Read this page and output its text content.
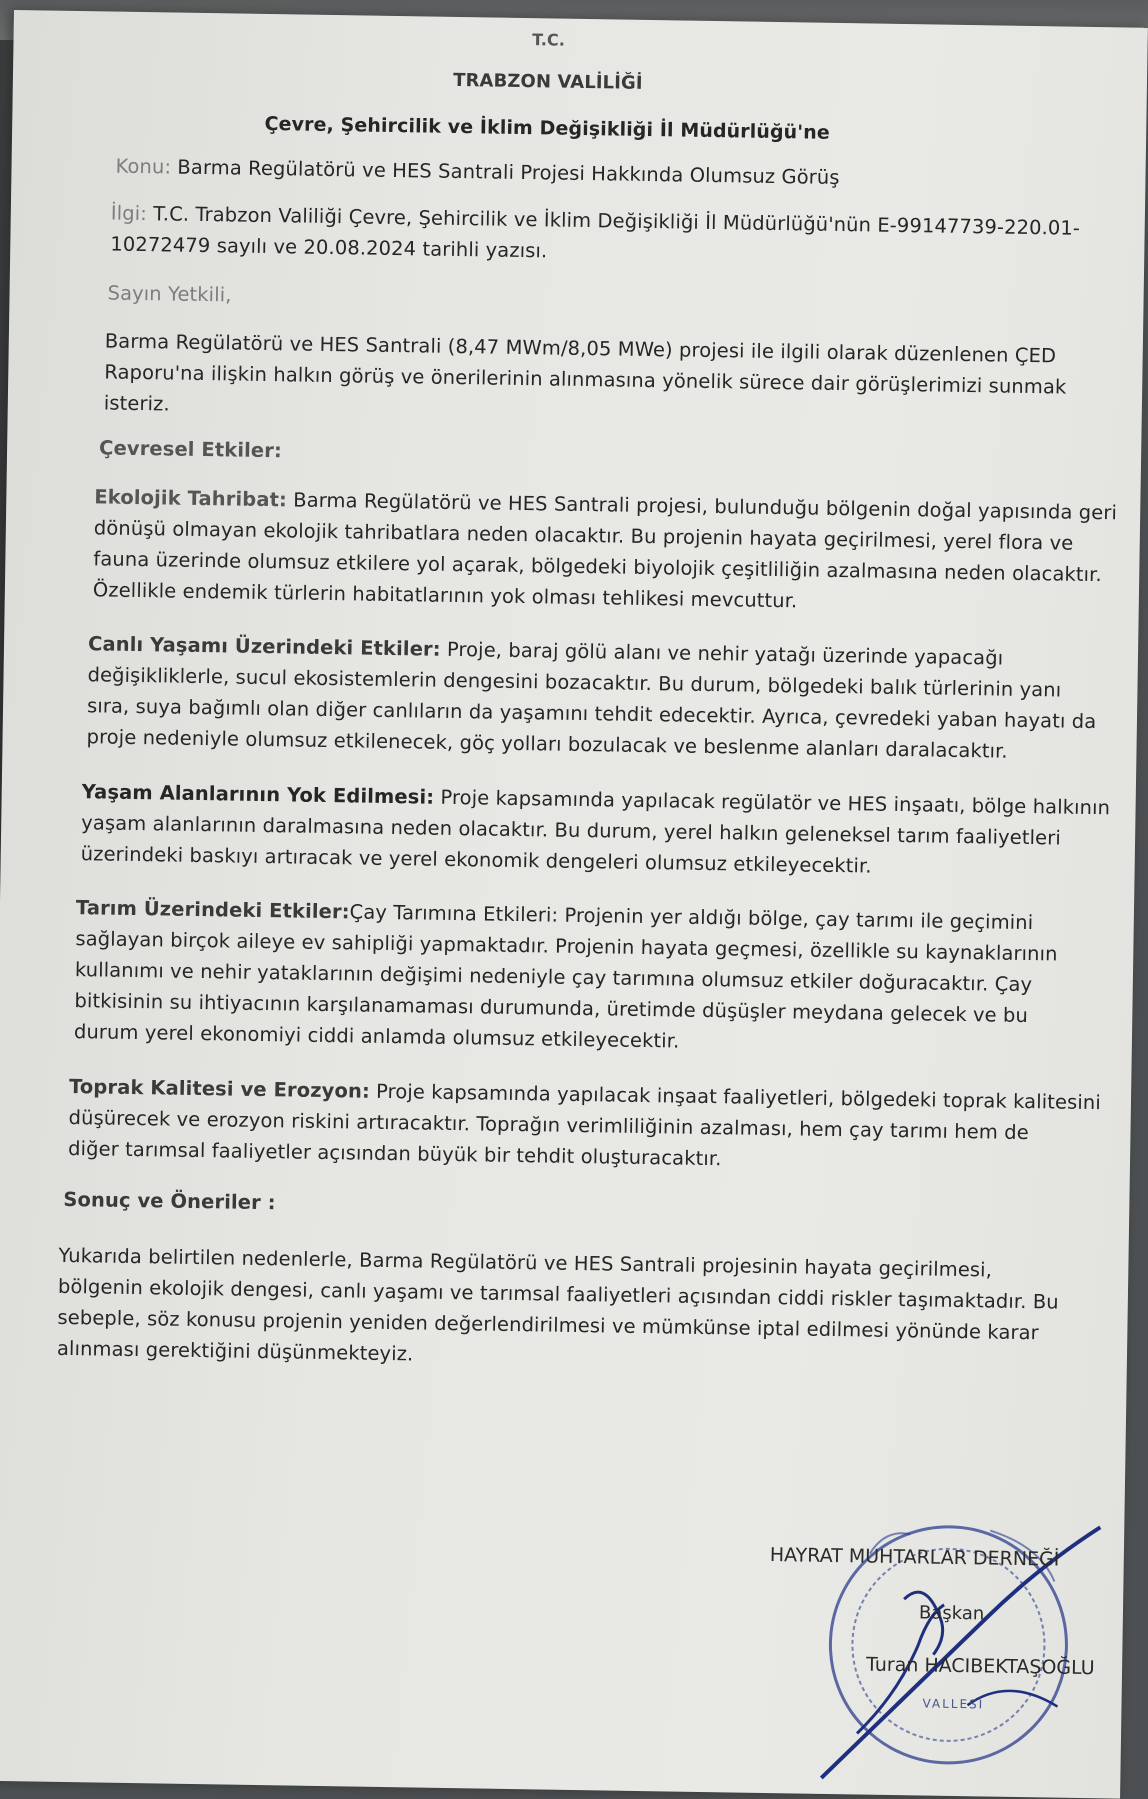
T.C.
TRABZON VALİLİĞİ
Çevre, Şehircilik ve İklim Değişikliği İl Müdürlüğü'ne
Konu: Barma Regülatörü ve HES Santrali Projesi Hakkında Olumsuz Görüş
İlgi: T.C. Trabzon Valiliği Çevre, Şehircilik ve İklim Değişikliği İl Müdürlüğü'nün E-99147739-220.01-
10272479 sayılı ve 20.08.2024 tarihli yazısı.
Sayın Yetkili,
Barma Regülatörü ve HES Santrali (8,47 MWm/8,05 MWe) projesi ile ilgili olarak düzenlenen ÇED
Raporu'na ilişkin halkın görüş ve önerilerinin alınmasına yönelik sürece dair görüşlerimizi sunmak
isteriz.
Çevresel Etkiler:
Ekolojik Tahribat: Barma Regülatörü ve HES Santrali projesi, bulunduğu bölgenin doğal yapısında geri
dönüşü olmayan ekolojik tahribatlara neden olacaktır. Bu projenin hayata geçirilmesi, yerel flora ve
fauna üzerinde olumsuz etkilere yol açarak, bölgedeki biyolojik çeşitliliğin azalmasına neden olacaktır.
Özellikle endemik türlerin habitatlarının yok olması tehlikesi mevcuttur.
Canlı Yaşamı Üzerindeki Etkiler: Proje, baraj gölü alanı ve nehir yatağı üzerinde yapacağı
değişikliklerle, sucul ekosistemlerin dengesini bozacaktır. Bu durum, bölgedeki balık türlerinin yanı
sıra, suya bağımlı olan diğer canlıların da yaşamını tehdit edecektir. Ayrıca, çevredeki yaban hayatı da
proje nedeniyle olumsuz etkilenecek, göç yolları bozulacak ve beslenme alanları daralacaktır.
Yaşam Alanlarının Yok Edilmesi: Proje kapsamında yapılacak regülatör ve HES inşaatı, bölge halkının
yaşam alanlarının daralmasına neden olacaktır. Bu durum, yerel halkın geleneksel tarım faaliyetleri
üzerindeki baskıyı artıracak ve yerel ekonomik dengeleri olumsuz etkileyecektir.
Tarım Üzerindeki Etkiler:Çay Tarımına Etkileri: Projenin yer aldığı bölge, çay tarımı ile geçimini
sağlayan birçok aileye ev sahipliği yapmaktadır. Projenin hayata geçmesi, özellikle su kaynaklarının
kullanımı ve nehir yataklarının değişimi nedeniyle çay tarımına olumsuz etkiler doğuracaktır. Çay
bitkisinin su ihtiyacının karşılanamaması durumunda, üretimde düşüşler meydana gelecek ve bu
durum yerel ekonomiyi ciddi anlamda olumsuz etkileyecektir.
Toprak Kalitesi ve Erozyon: Proje kapsamında yapılacak inşaat faaliyetleri, bölgedeki toprak kalitesini
düşürecek ve erozyon riskini artıracaktır. Toprağın verimliliğinin azalması, hem çay tarımı hem de
diğer tarımsal faaliyetler açısından büyük bir tehdit oluşturacaktır.
Sonuç ve Öneriler :
Yukarıda belirtilen nedenlerle, Barma Regülatörü ve HES Santrali projesinin hayata geçirilmesi,
bölgenin ekolojik dengesi, canlı yaşamı ve tarımsal faaliyetleri açısından ciddi riskler taşımaktadır. Bu
sebeple, söz konusu projenin yeniden değerlendirilmesi ve mümkünse iptal edilmesi yönünde karar
alınması gerektiğini düşünmekteyiz.
HAYRAT MUHTARLAR DERNEĞİ
Başkan
Turan HACIBEKTAŞOĞLU
VALLESİ
